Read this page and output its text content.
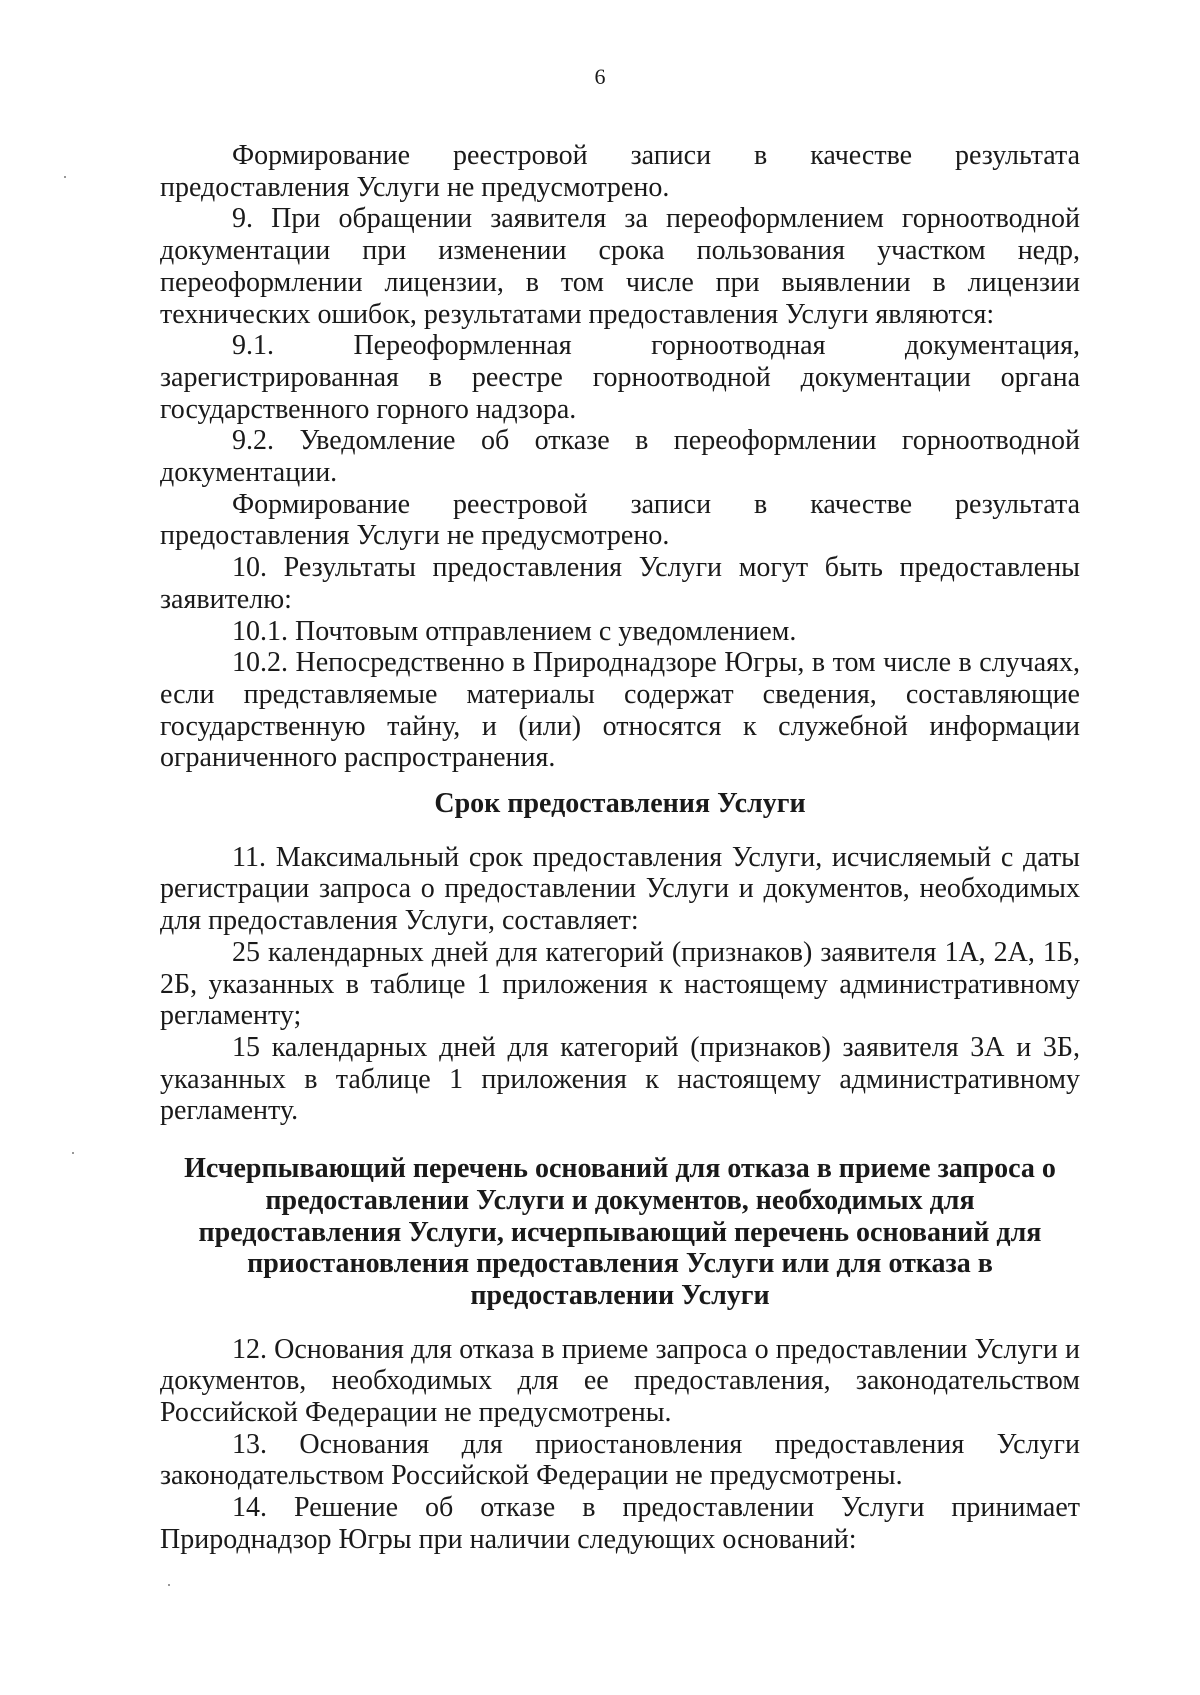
6

Формирование реестровой записи в качестве результата предоставления Услуги не предусмотрено.

9. При обращении заявителя за переоформлением горноотводной документации при изменении срока пользования участком недр, переоформлении лицензии, в том числе при выявлении в лицензии технических ошибок, результатами предоставления Услуги являются:

9.1. Переоформленная горноотводная документация, зарегистрированная в реестре горноотводной документации органа государственного горного надзора.

9.2. Уведомление об отказе в переоформлении горноотводной документации.

Формирование реестровой записи в качестве результата предоставления Услуги не предусмотрено.

10. Результаты предоставления Услуги могут быть предоставлены заявителю:

10.1. Почтовым отправлением с уведомлением.

10.2. Непосредственно в Природнадзоре Югры, в том числе в случаях, если представляемые материалы содержат сведения, составляющие государственную тайну, и (или) относятся к служебной информации ограниченного распространения.

Срок предоставления Услуги

11. Максимальный срок предоставления Услуги, исчисляемый с даты регистрации запроса о предоставлении Услуги и документов, необходимых для предоставления Услуги, составляет:

25 календарных дней для категорий (признаков) заявителя 1А, 2А, 1Б, 2Б, указанных в таблице 1 приложения к настоящему административному регламенту;

15 календарных дней для категорий (признаков) заявителя 3А и 3Б, указанных в таблице 1 приложения к настоящему административному регламенту.

Исчерпывающий перечень оснований для отказа в приеме запроса о предоставлении Услуги и документов, необходимых для предоставления Услуги, исчерпывающий перечень оснований для приостановления предоставления Услуги или для отказа в предоставлении Услуги

12. Основания для отказа в приеме запроса о предоставлении Услуги и документов, необходимых для ее предоставления, законодательством Российской Федерации не предусмотрены.

13. Основания для приостановления предоставления Услуги законодательством Российской Федерации не предусмотрены.

14. Решение об отказе в предоставлении Услуги принимает Природнадзор Югры при наличии следующих оснований:
